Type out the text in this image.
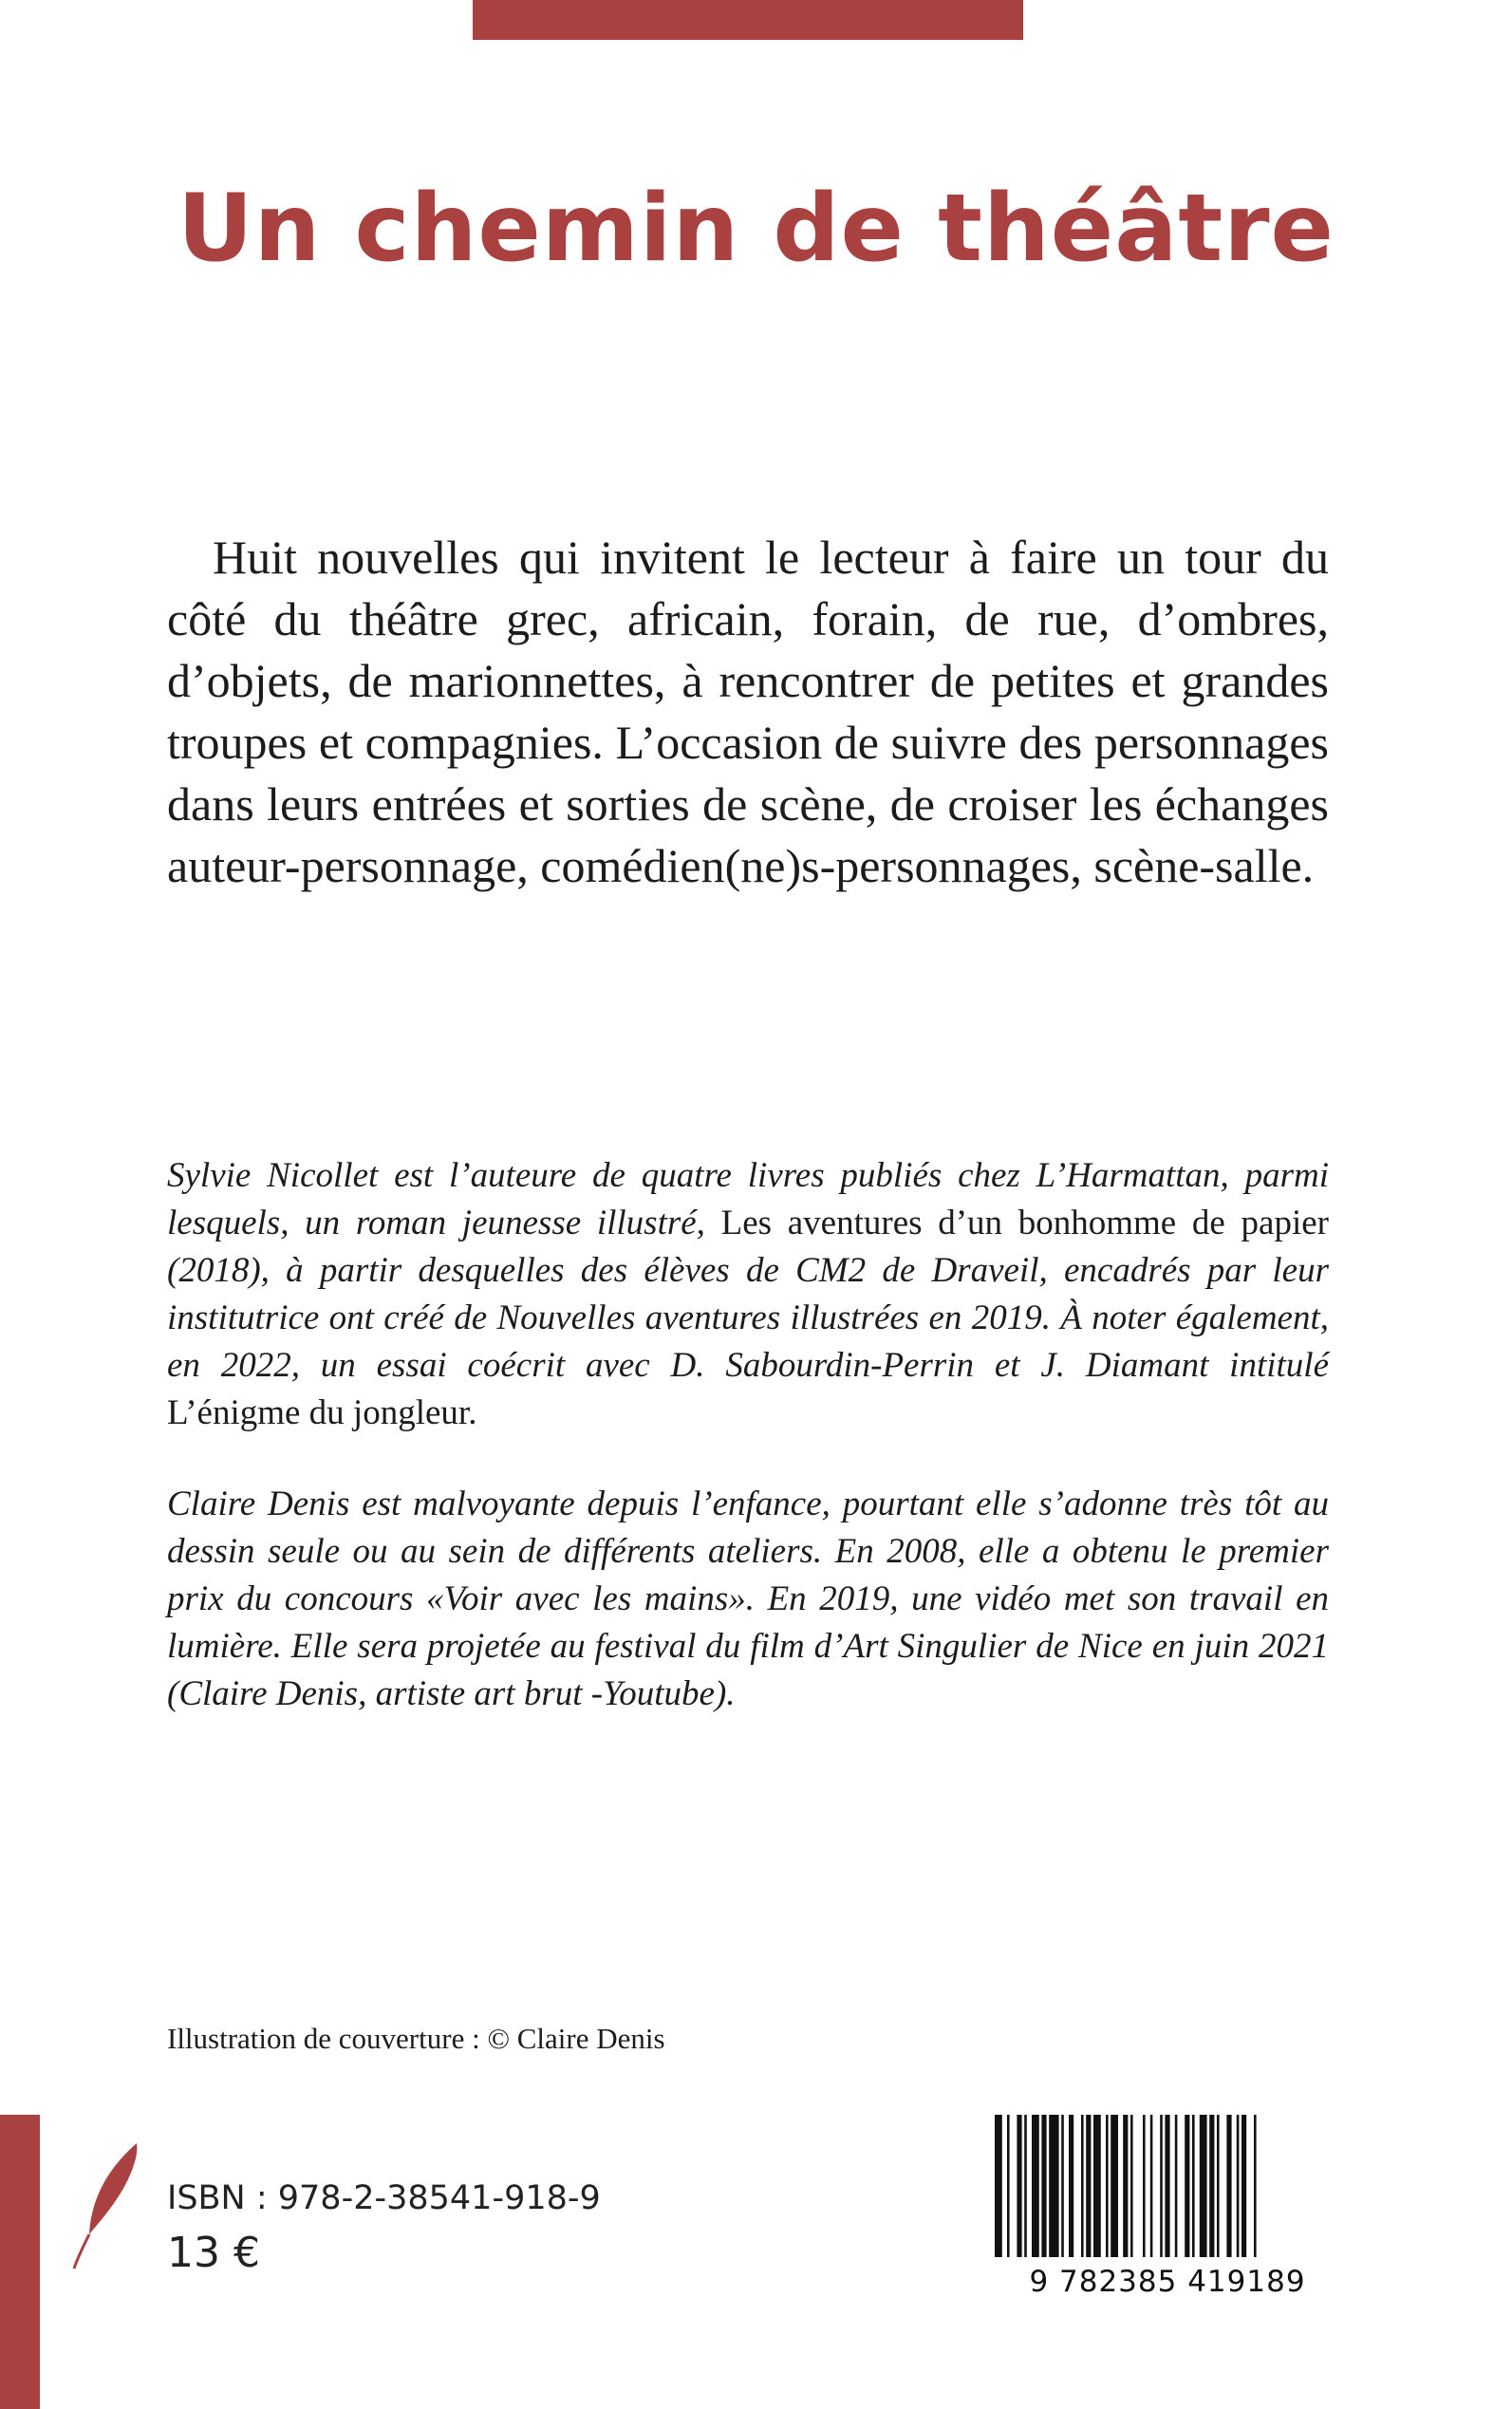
Un chemin de théâtre

Huit nouvelles qui invitent le lecteur à faire un tour du côté du théâtre grec, africain, forain, de rue, d’ombres, d’objets, de marionnettes, à rencontrer de petites et grandes troupes et compagnies. L’occasion de suivre des personnages dans leurs entrées et sorties de scène, de croiser les échanges auteur-personnage, comédien(ne)s-personnages, scène-salle.

Sylvie Nicollet est l’auteure de quatre livres publiés chez L’Harmattan, parmi lesquels, un roman jeunesse illustré, Les aventures d’un bonhomme de papier (2018), à partir desquelles des élèves de CM2 de Draveil, encadrés par leur institutrice ont créé de Nouvelles aventures illustrées en 2019. À noter également, en 2022, un essai coécrit avec D. Sabourdin-Perrin et J. Diamant intitulé L’énigme du jongleur.

Claire Denis est malvoyante depuis l’enfance, pourtant elle s’adonne très tôt au dessin seule ou au sein de différents ateliers. En 2008, elle a obtenu le premier prix du concours «Voir avec les mains». En 2019, une vidéo met son travail en lumière. Elle sera projetée au festival du film d’Art Singulier de Nice en juin 2021 (Claire Denis, artiste art brut -Youtube).

Illustration de couverture : © Claire Denis

ISBN : 978-2-38541-918-9

13 €

9 782385 419189
